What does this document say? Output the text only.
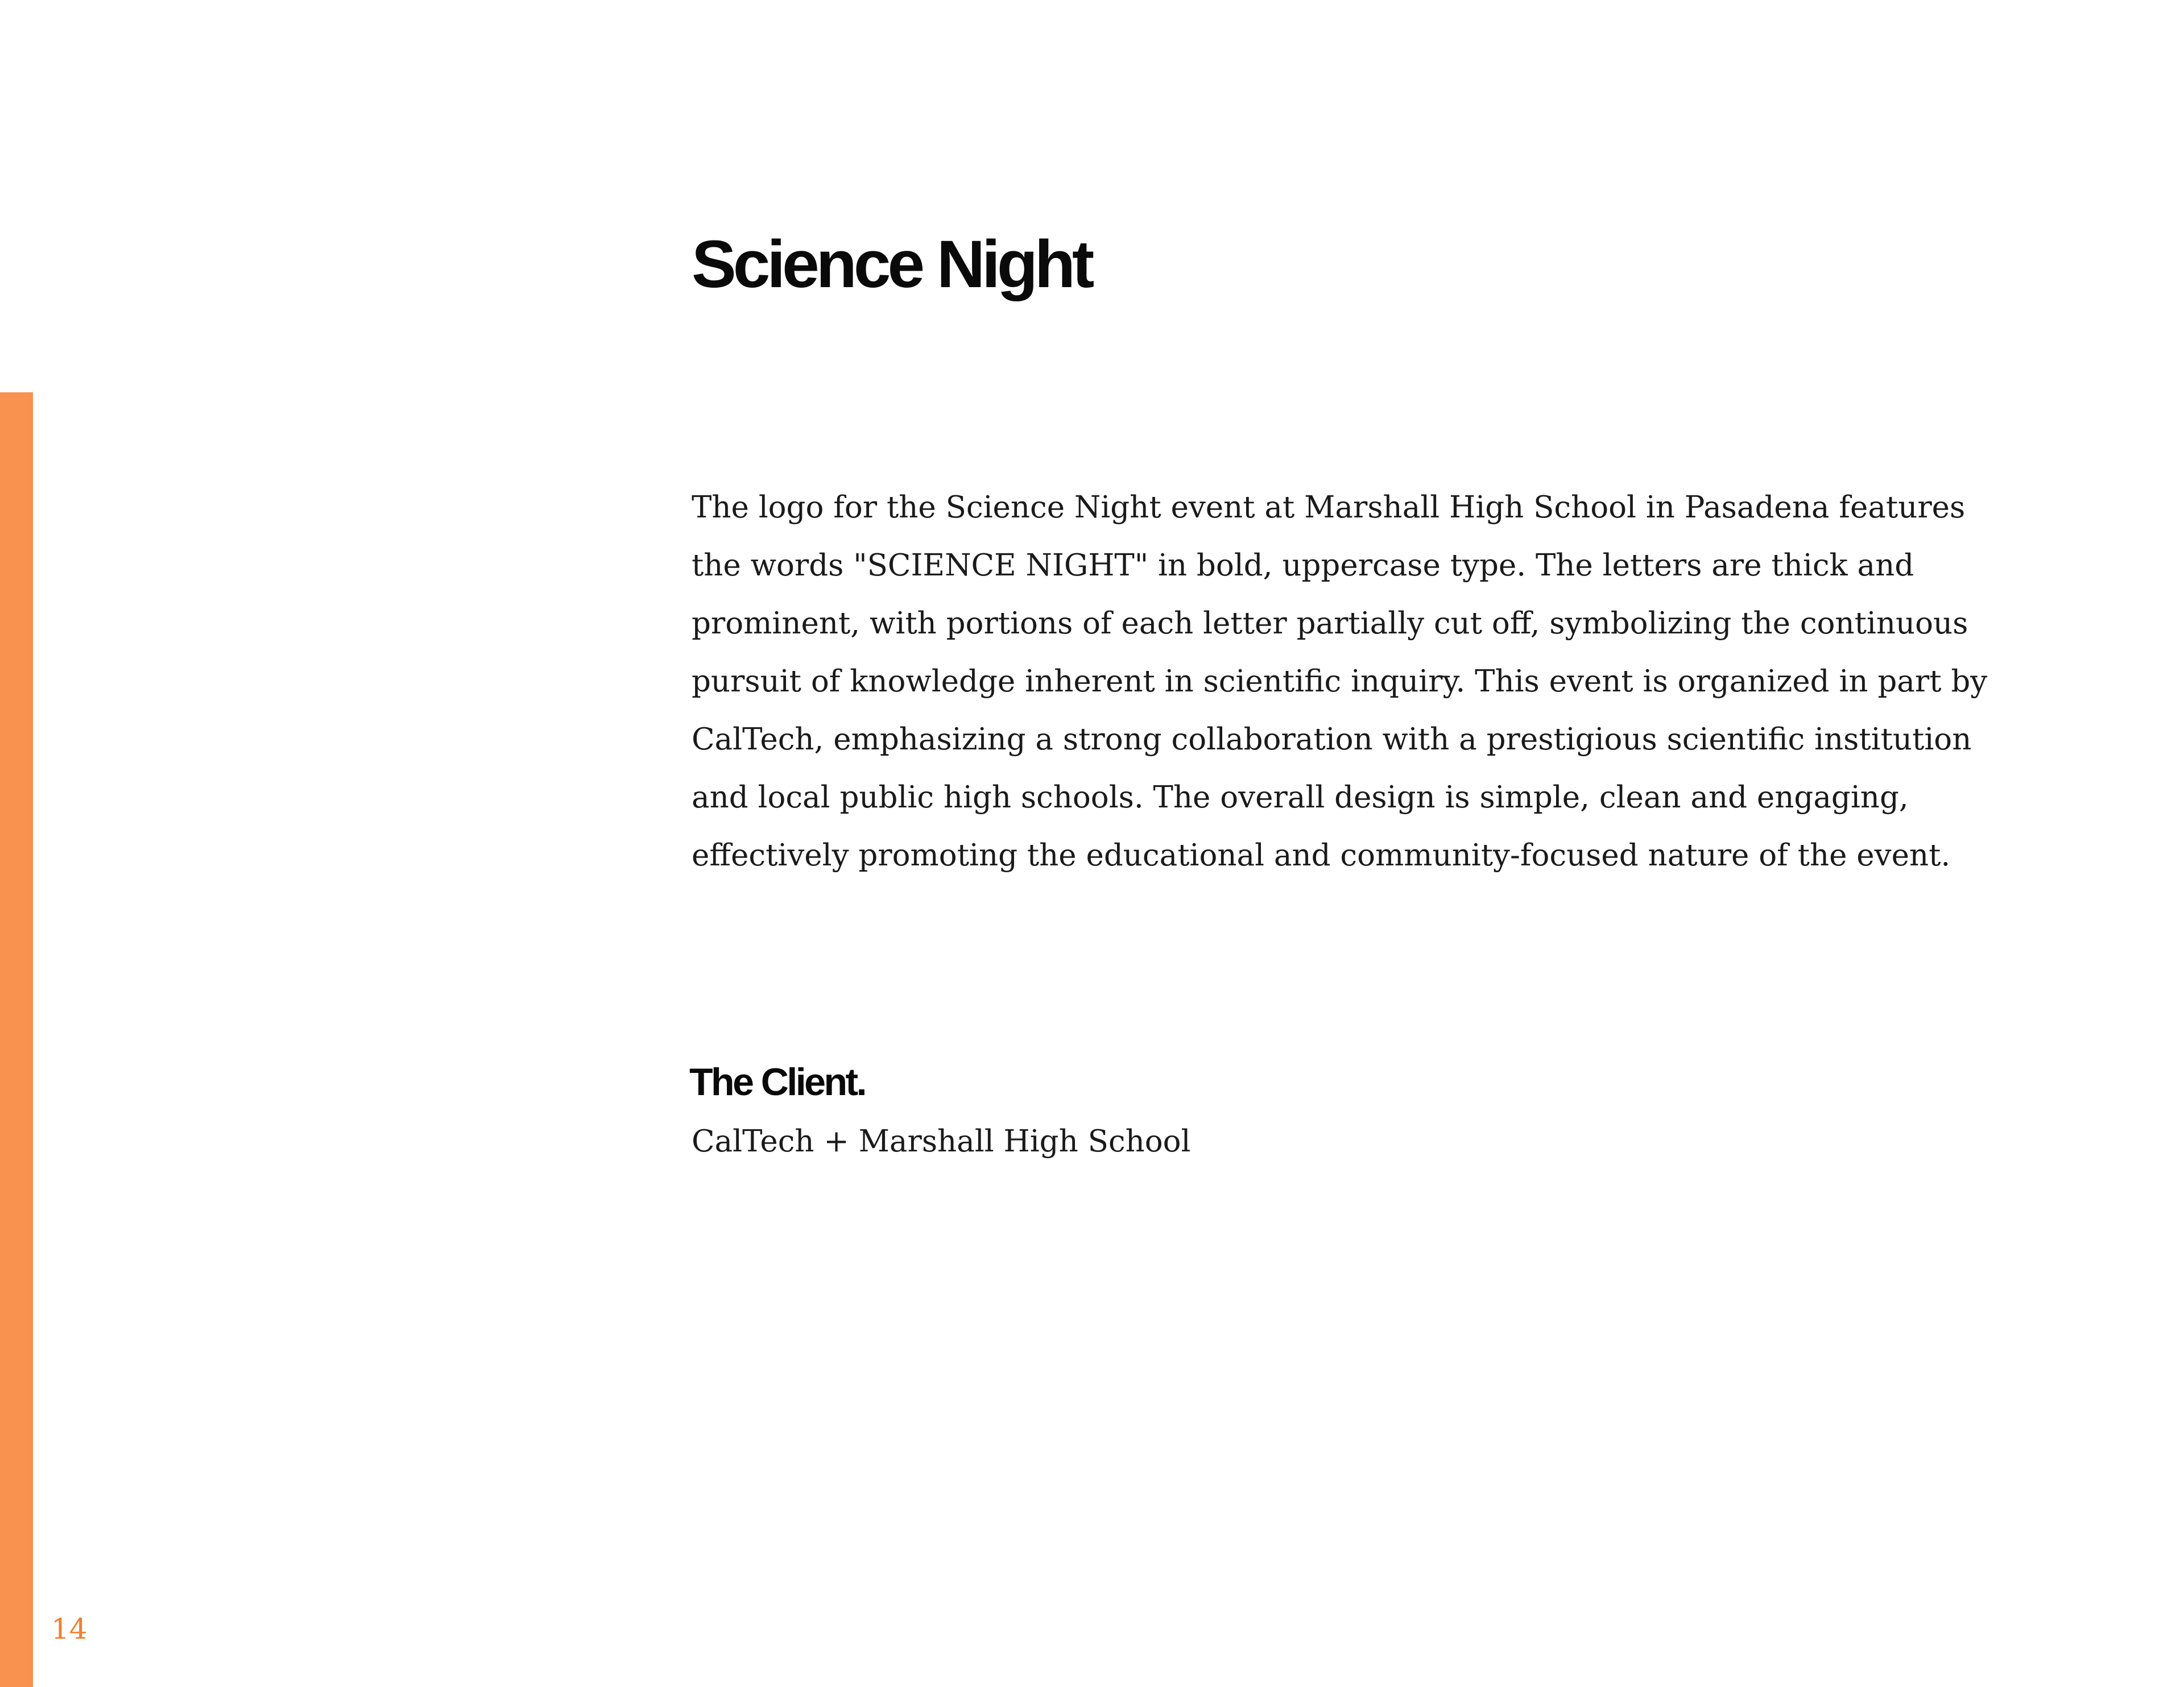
Science Night

The logo for the Science Night event at Marshall High School in Pasadena features the words "SCIENCE NIGHT" in bold, uppercase type. The letters are thick and prominent, with portions of each letter partially cut off, symbolizing the continuous pursuit of knowledge inherent in scientific inquiry. This event is organized in part by CalTech, emphasizing a strong collaboration with a prestigious scientific institution and local public high schools. The overall design is simple, clean and engaging, effectively promoting the educational and community-focused nature of the event.

The Client.

CalTech + Marshall High School

14
